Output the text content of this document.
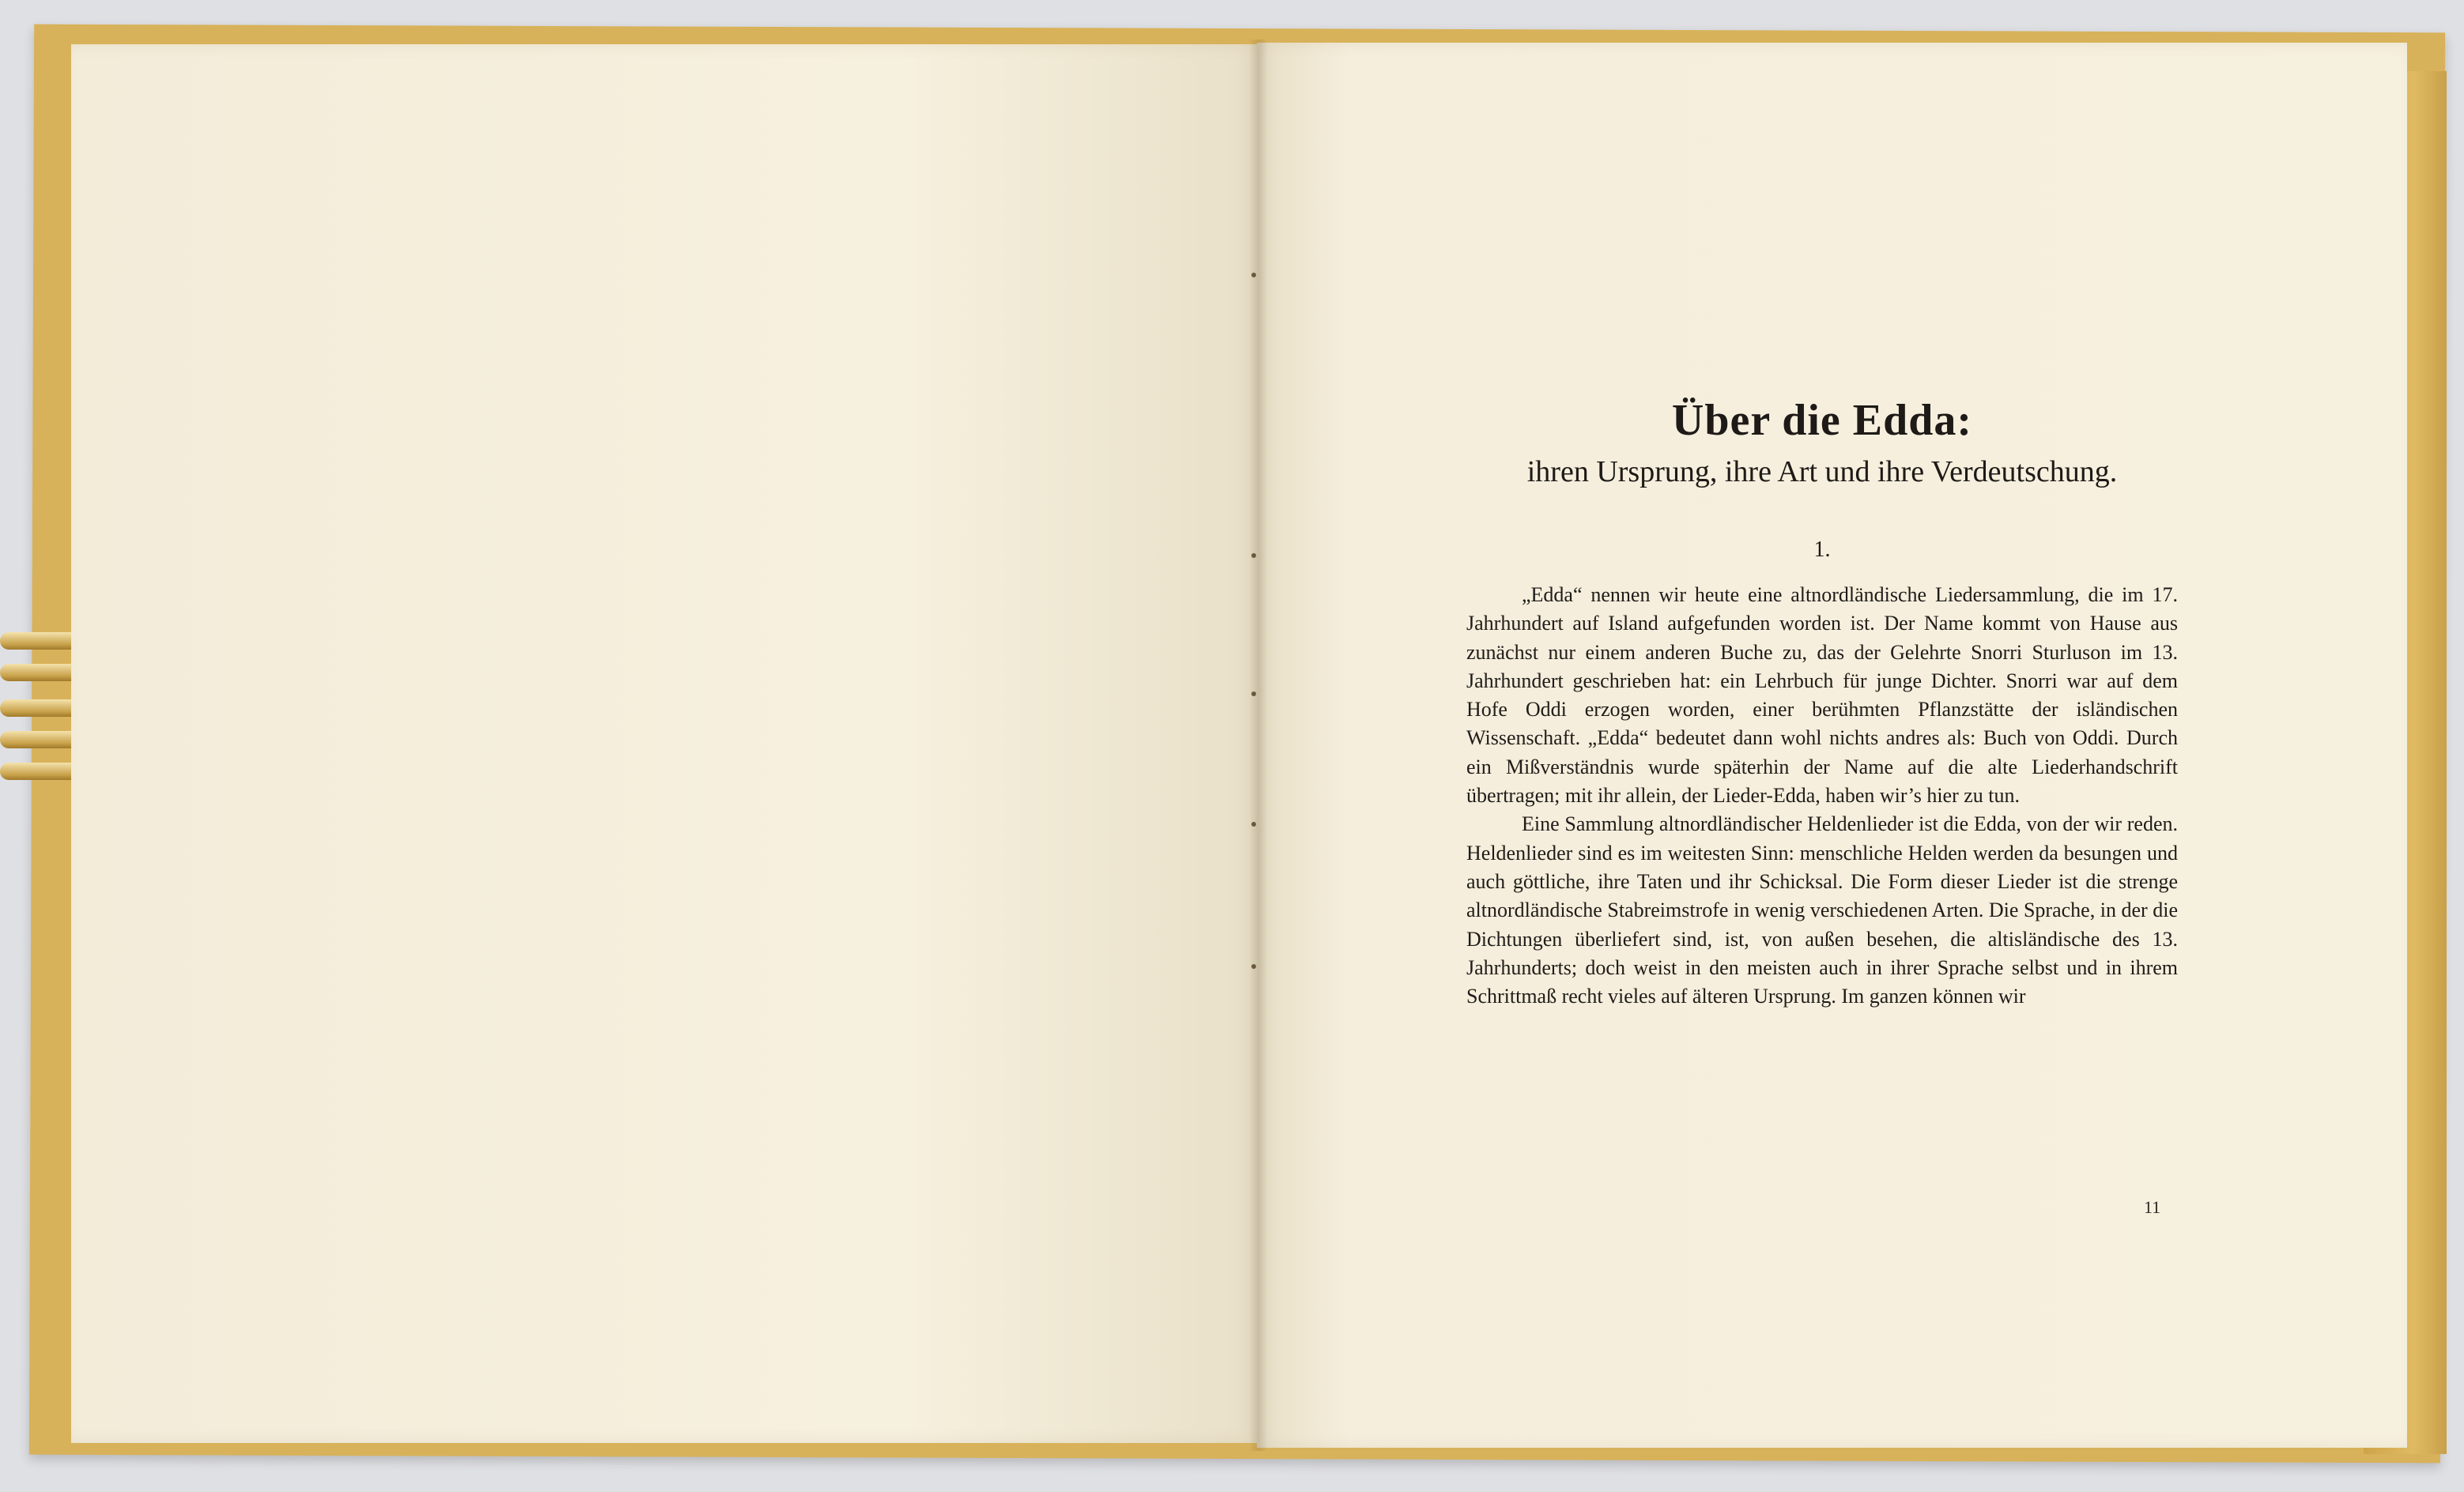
Über die Edda:
ihren Ursprung, ihre Art und ihre Verdeutschung.
1.

„Edda“ nennen wir heute eine altnordländische Liedersammlung, die im 17. Jahrhundert auf Island aufgefunden worden ist. Der Name kommt von Hause aus zunächst nur einem anderen Buche zu, das der Gelehrte Snorri Sturluson im 13. Jahrhundert geschrieben hat: ein Lehrbuch für junge Dichter. Snorri war auf dem Hofe Oddi erzogen worden, einer berühmten Pflanzstätte der isländischen Wissenschaft. „Edda“ bedeutet dann wohl nichts andres als: Buch von Oddi. Durch ein Mißverständnis wurde späterhin der Name auf die alte Liederhandschrift übertragen; mit ihr allein, der Lieder-Edda, haben wir’s hier zu tun.

Eine Sammlung altnordländischer Heldenlieder ist die Edda, von der wir reden. Heldenlieder sind es im weitesten Sinn: menschliche Helden werden da besungen und auch göttliche, ihre Taten und ihr Schicksal. Die Form dieser Lieder ist die strenge altnordländische Stabreimstrofe in wenig verschiedenen Arten. Die Sprache, in der die Dichtungen überliefert sind, ist, von außen besehen, die altisländische des 13. Jahrhunderts; doch weist in den meisten auch in ihrer Sprache selbst und in ihrem Schrittmaß recht vieles auf älteren Ursprung. Im ganzen können wir

11
